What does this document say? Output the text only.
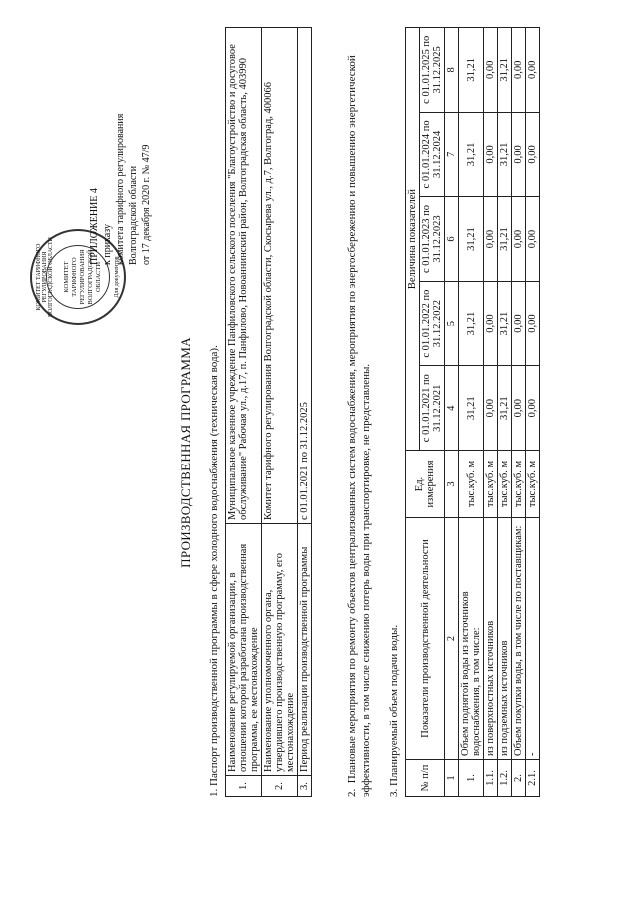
КОМИТЕТ ТАРИФНОГО РЕГУЛИРОВАНИЯ ВОЛГОГРАДСКОЙ ОБЛАСТИ КОМИТЕТ ТАРИФНОГО РЕГУЛИРОВАНИЯ ВОЛГОГРАДСКОЙ ОБЛАСТИ Для документов
ПРИЛОЖЕНИЕ 4 к приказу комитета тарифного регулирования Волгоградской области от 17 декабря 2020 г. № 47/9
ПРОИЗВОДСТВЕННАЯ ПРОГРАММА 1. Паспорт производственной программы в сфере холодного водоснабжения (техническая вода). 1.	Наименование регулируемой организации, в отношении которой разработана производственная программа, ее местонахождение	Муниципальное казенное учреждение Панфиловского сельского поселения "Благоустройство и досуговое обслуживание" Рабочая ул., д.17, п. Панфилово, Новоаннинский район, Волгоградская область, 403990
2.	Наименование уполномоченного органа, утвердившего производственную программу, его местонахождение	Комитет тарифного регулирования Волгоградской области, Скосырева ул., д.7, Волгоград, 400066
3.	Период реализации производственной программы	с 01.01.2021 по 31.12.2025
2.  Плановые мероприятия по ремонту объектов централизованных систем водоснабжения, мероприятия по энергосбережению и повышению энергетической эффективности, в том числе снижению потерь воды при транспортировке, не представлены. 3. Планируемый объем подачи воды. № п/п	Показатели производственной деятельности	Ед. измерения	Величина показателей				
			с 01.01.2021 по 31.12.2021	с 01.01.2022 по 31.12.2022	с 01.01.2023 по 31.12.2023	с 01.01.2024 по 31.12.2024	с 01.01.2025 по 31.12.2025
1	2	3	4	5	6	7	8
1.	Объем поднятой воды из источников водоснабжения, в том числе:	тыс.куб. м	31,21	31,21	31,21	31,21	31,21
1.1.	из поверхностных источников	тыс.куб. м	0,00	0,00	0,00	0,00	0,00
1.2.	из подземных источников	тыс.куб. м	31,21	31,21	31,21	31,21	31,21
2.	Объем покупки воды, в том числе по поставщикам:	тыс.куб. м	0,00	0,00	0,00	0,00	0,00
2.1.	-	тыс.куб. м	0,00	0,00	0,00	0,00	0,00
